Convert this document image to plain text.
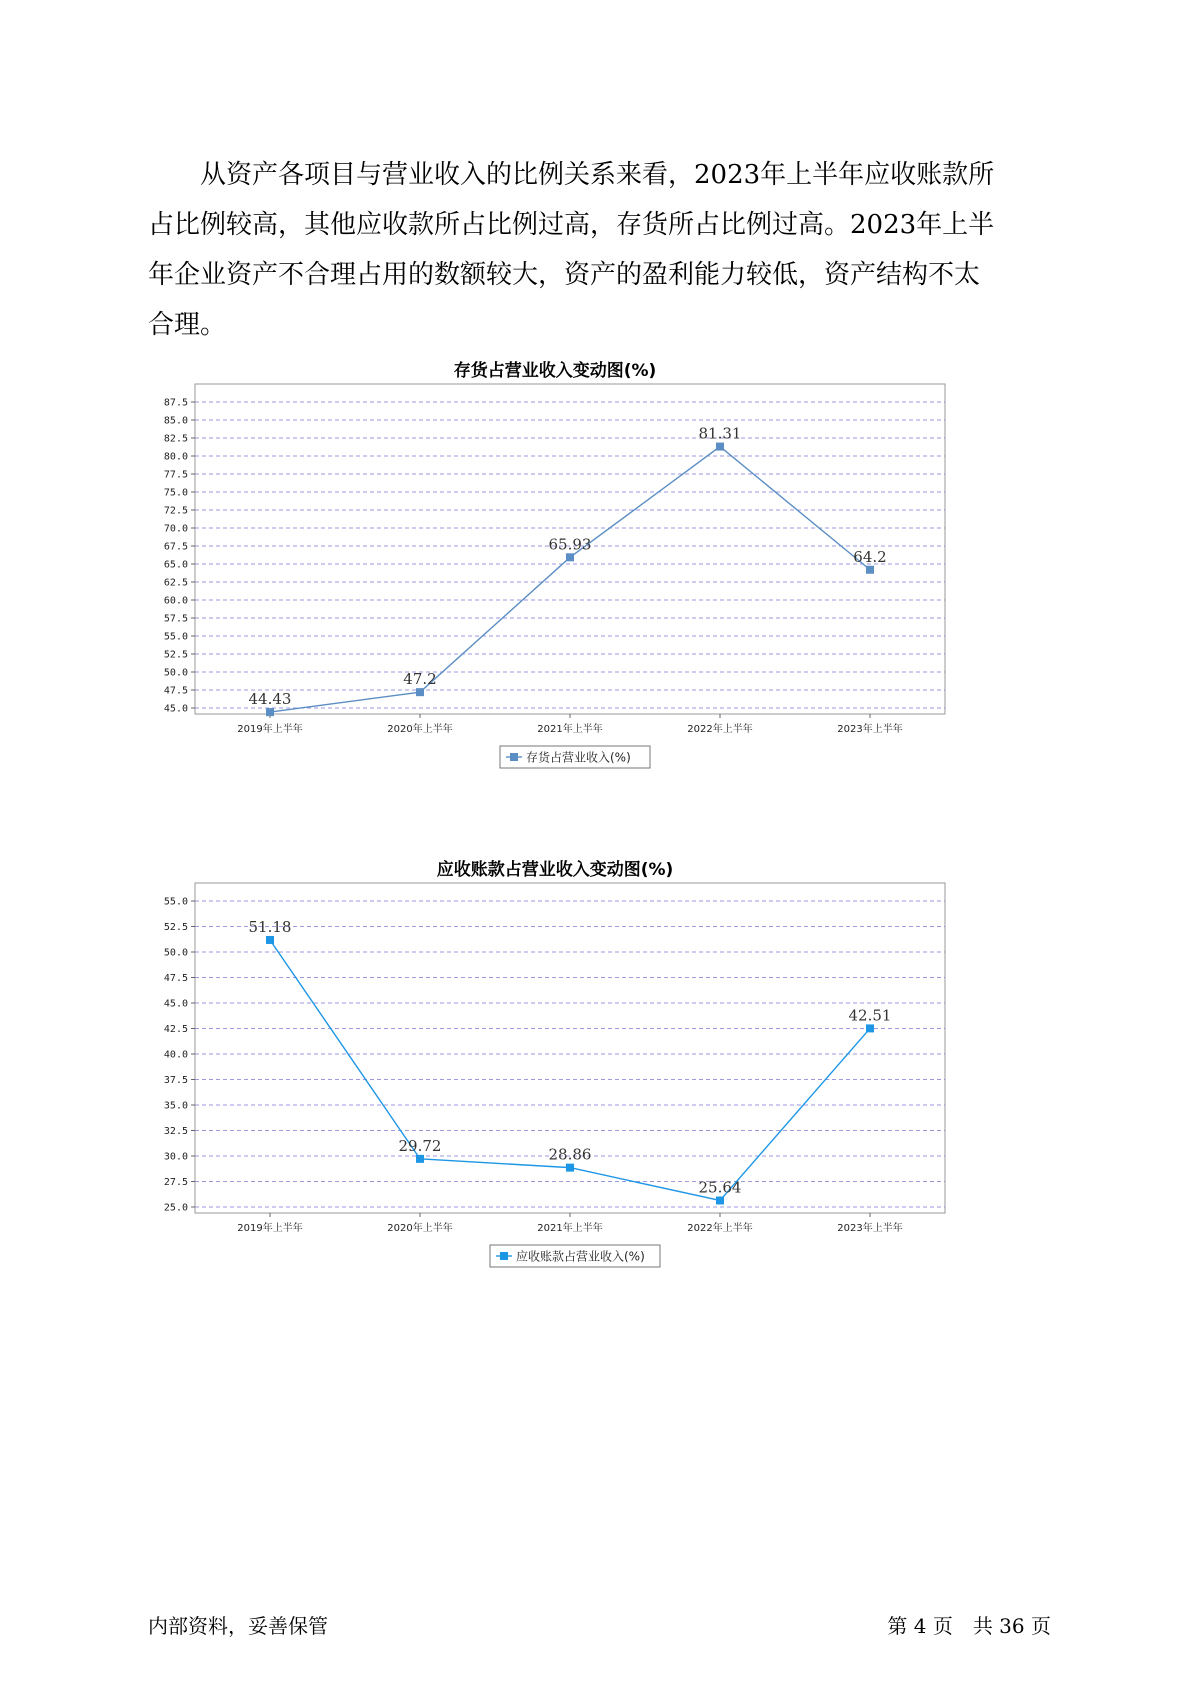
从资产各项目与营业收入的比例关系来看，2023年上半年应收账款所
占比例较高，其他应收款所占比例过高，存货所占比例过高。2023年上半
年企业资产不合理占用的数额较大，资产的盈利能力较低，资产结构不太
合理。
存货占营业收入变动图(%)
45.0
47.5
50.0
52.5
55.0
57.5
60.0
62.5
65.0
67.5
70.0
72.5
75.0
77.5
80.0
82.5
85.0
87.5
2019年上半年	2020年上半年	2021年上半年	2022年上半年	2023年上半年
44.43
47.2
65.93
81.31
64.2
存货占营业收入(%)
应收账款占营业收入变动图(%)
25.0
27.5
30.0
32.5
35.0
37.5
40.0
42.5
45.0
47.5
50.0
52.5
55.0
2019年上半年	2020年上半年	2021年上半年	2022年上半年	2023年上半年
51.18
29.72	28.86
25.64
42.51
应收账款占营业收入(%)
内部资料，妥善保管	第 4 页　共 36 页
